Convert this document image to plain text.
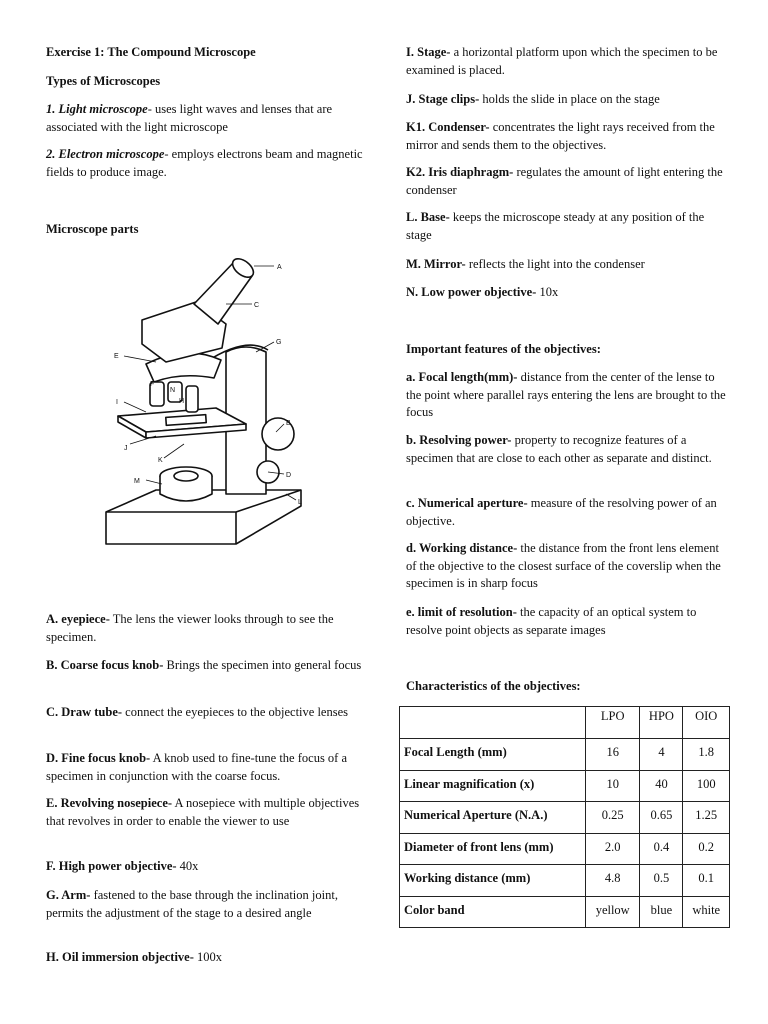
Exercise 1: The Compound Microscope

Types of Microscopes

1. Light microscope- uses light waves and lenses that are associated with the light microscope

2. Electron microscope- employs electrons beam and magnetic fields to produce image.

Microscope parts

A. eyepiece- The lens the viewer looks through to see the specimen.

B. Coarse focus knob- Brings the specimen into general focus

C. Draw tube- connect the eyepieces to the objective lenses

D. Fine focus knob- A knob used to fine-tune the focus of a specimen in conjunction with the coarse focus.

E. Revolving nosepiece- A nosepiece with multiple objectives that revolves in order to enable the viewer to use

F. High power objective- 40x

G. Arm- fastened to the base through the inclination joint, permits the adjustment of the stage to a desired angle

H. Oil immersion objective- 100x

A
C
G
E
F
N
H
I
B
J
K
D
M
L

I. Stage- a horizontal platform upon which the specimen to be examined is placed.

J. Stage clips- holds the slide in place on the stage

K1. Condenser- concentrates the light rays received from the mirror and sends them to the objectives.

K2. Iris diaphragm- regulates the amount of light entering the condenser

L. Base- keeps the microscope steady at any position of the stage

M. Mirror- reflects the light into the condenser

N. Low power objective- 10x

Important features of the objectives:

a. Focal length(mm)- distance from the center of the lense to the point where parallel rays entering the lens are brought to the focus

b. Resolving power- property to recognize features of a specimen that are close to each other as separate and distinct.

c. Numerical aperture- measure of the resolving power of an objective.

d. Working distance- the distance from the front lens element of the objective to the closest surface of the coverslip when the specimen is in sharp focus

e. limit of resolution- the capacity of an optical system to resolve point objects as separate images

Characteristics of the objectives:

	LPO	HPO	OIO
Focal Length (mm)	16	4	1.8
Linear magnification (x)	10	40	100
Numerical Aperture (N.A.)	0.25	0.65	1.25
Diameter of front lens (mm)	2.0	0.4	0.2
Working distance (mm)	4.8	0.5	0.1
Color band	yellow	blue	white
